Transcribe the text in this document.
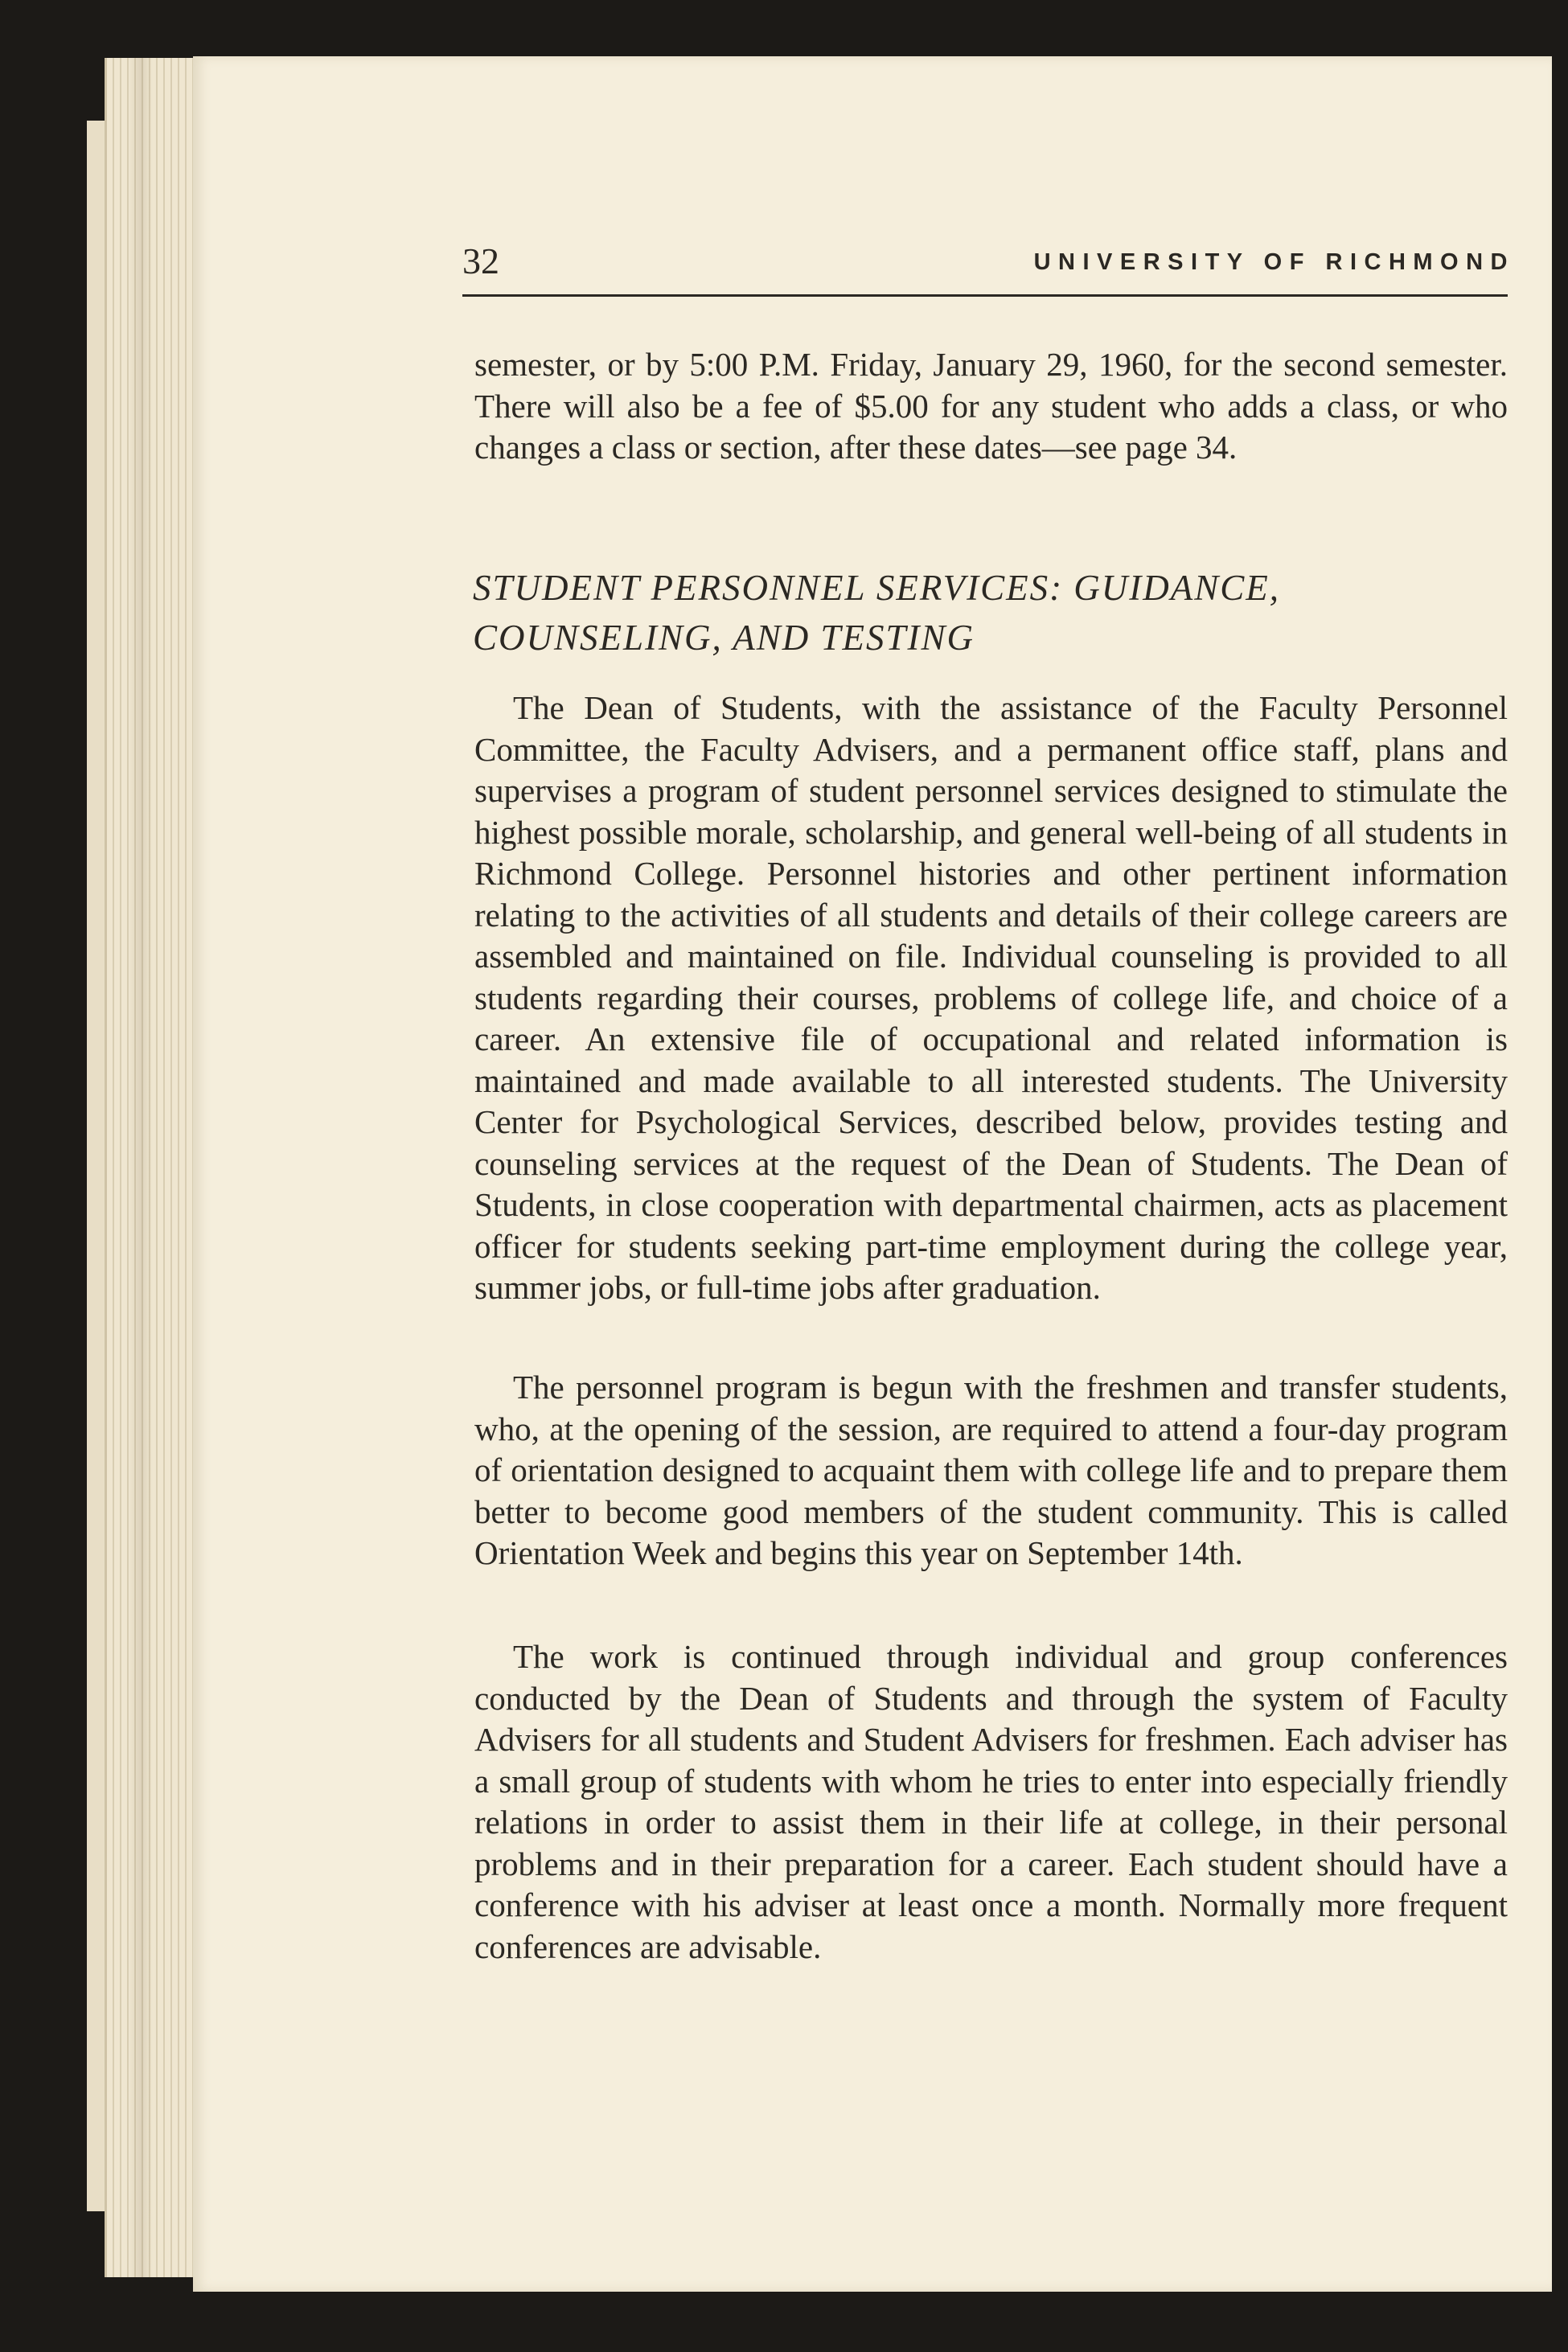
32	UNIVERSITY OF RICHMOND

semester, or by 5:00 P.M. Friday, January 29, 1960, for the second semester. There will also be a fee of $5.00 for any student who adds a class, or who changes a class or section, after these dates—see page 34.

STUDENT PERSONNEL SERVICES: GUIDANCE,
COUNSELING, AND TESTING

The Dean of Students, with the assistance of the Faculty Personnel Committee, the Faculty Advisers, and a permanent office staff, plans and supervises a program of student personnel services designed to stimulate the highest possible morale, scholarship, and general well-being of all students in Richmond College. Personnel histories and other pertinent information relating to the activities of all students and details of their college careers are assembled and maintained on file. Individual counseling is provided to all students regarding their courses, problems of college life, and choice of a career. An extensive file of occupational and related information is maintained and made available to all interested students. The University Center for Psychological Services, described below, provides testing and counseling services at the request of the Dean of Students. The Dean of Students, in close cooperation with departmental chairmen, acts as placement officer for students seeking part-time employment during the college year, summer jobs, or full-time jobs after graduation.

The personnel program is begun with the freshmen and transfer students, who, at the opening of the session, are required to attend a four-day program of orientation designed to acquaint them with college life and to prepare them better to become good members of the student community. This is called Orientation Week and begins this year on September 14th.

The work is continued through individual and group conferences conducted by the Dean of Students and through the system of Faculty Advisers for all students and Student Advisers for freshmen. Each adviser has a small group of students with whom he tries to enter into especially friendly relations in order to assist them in their life at college, in their personal problems and in their preparation for a career. Each student should have a conference with his adviser at least once a month. Normally more frequent conferences are advisable.
